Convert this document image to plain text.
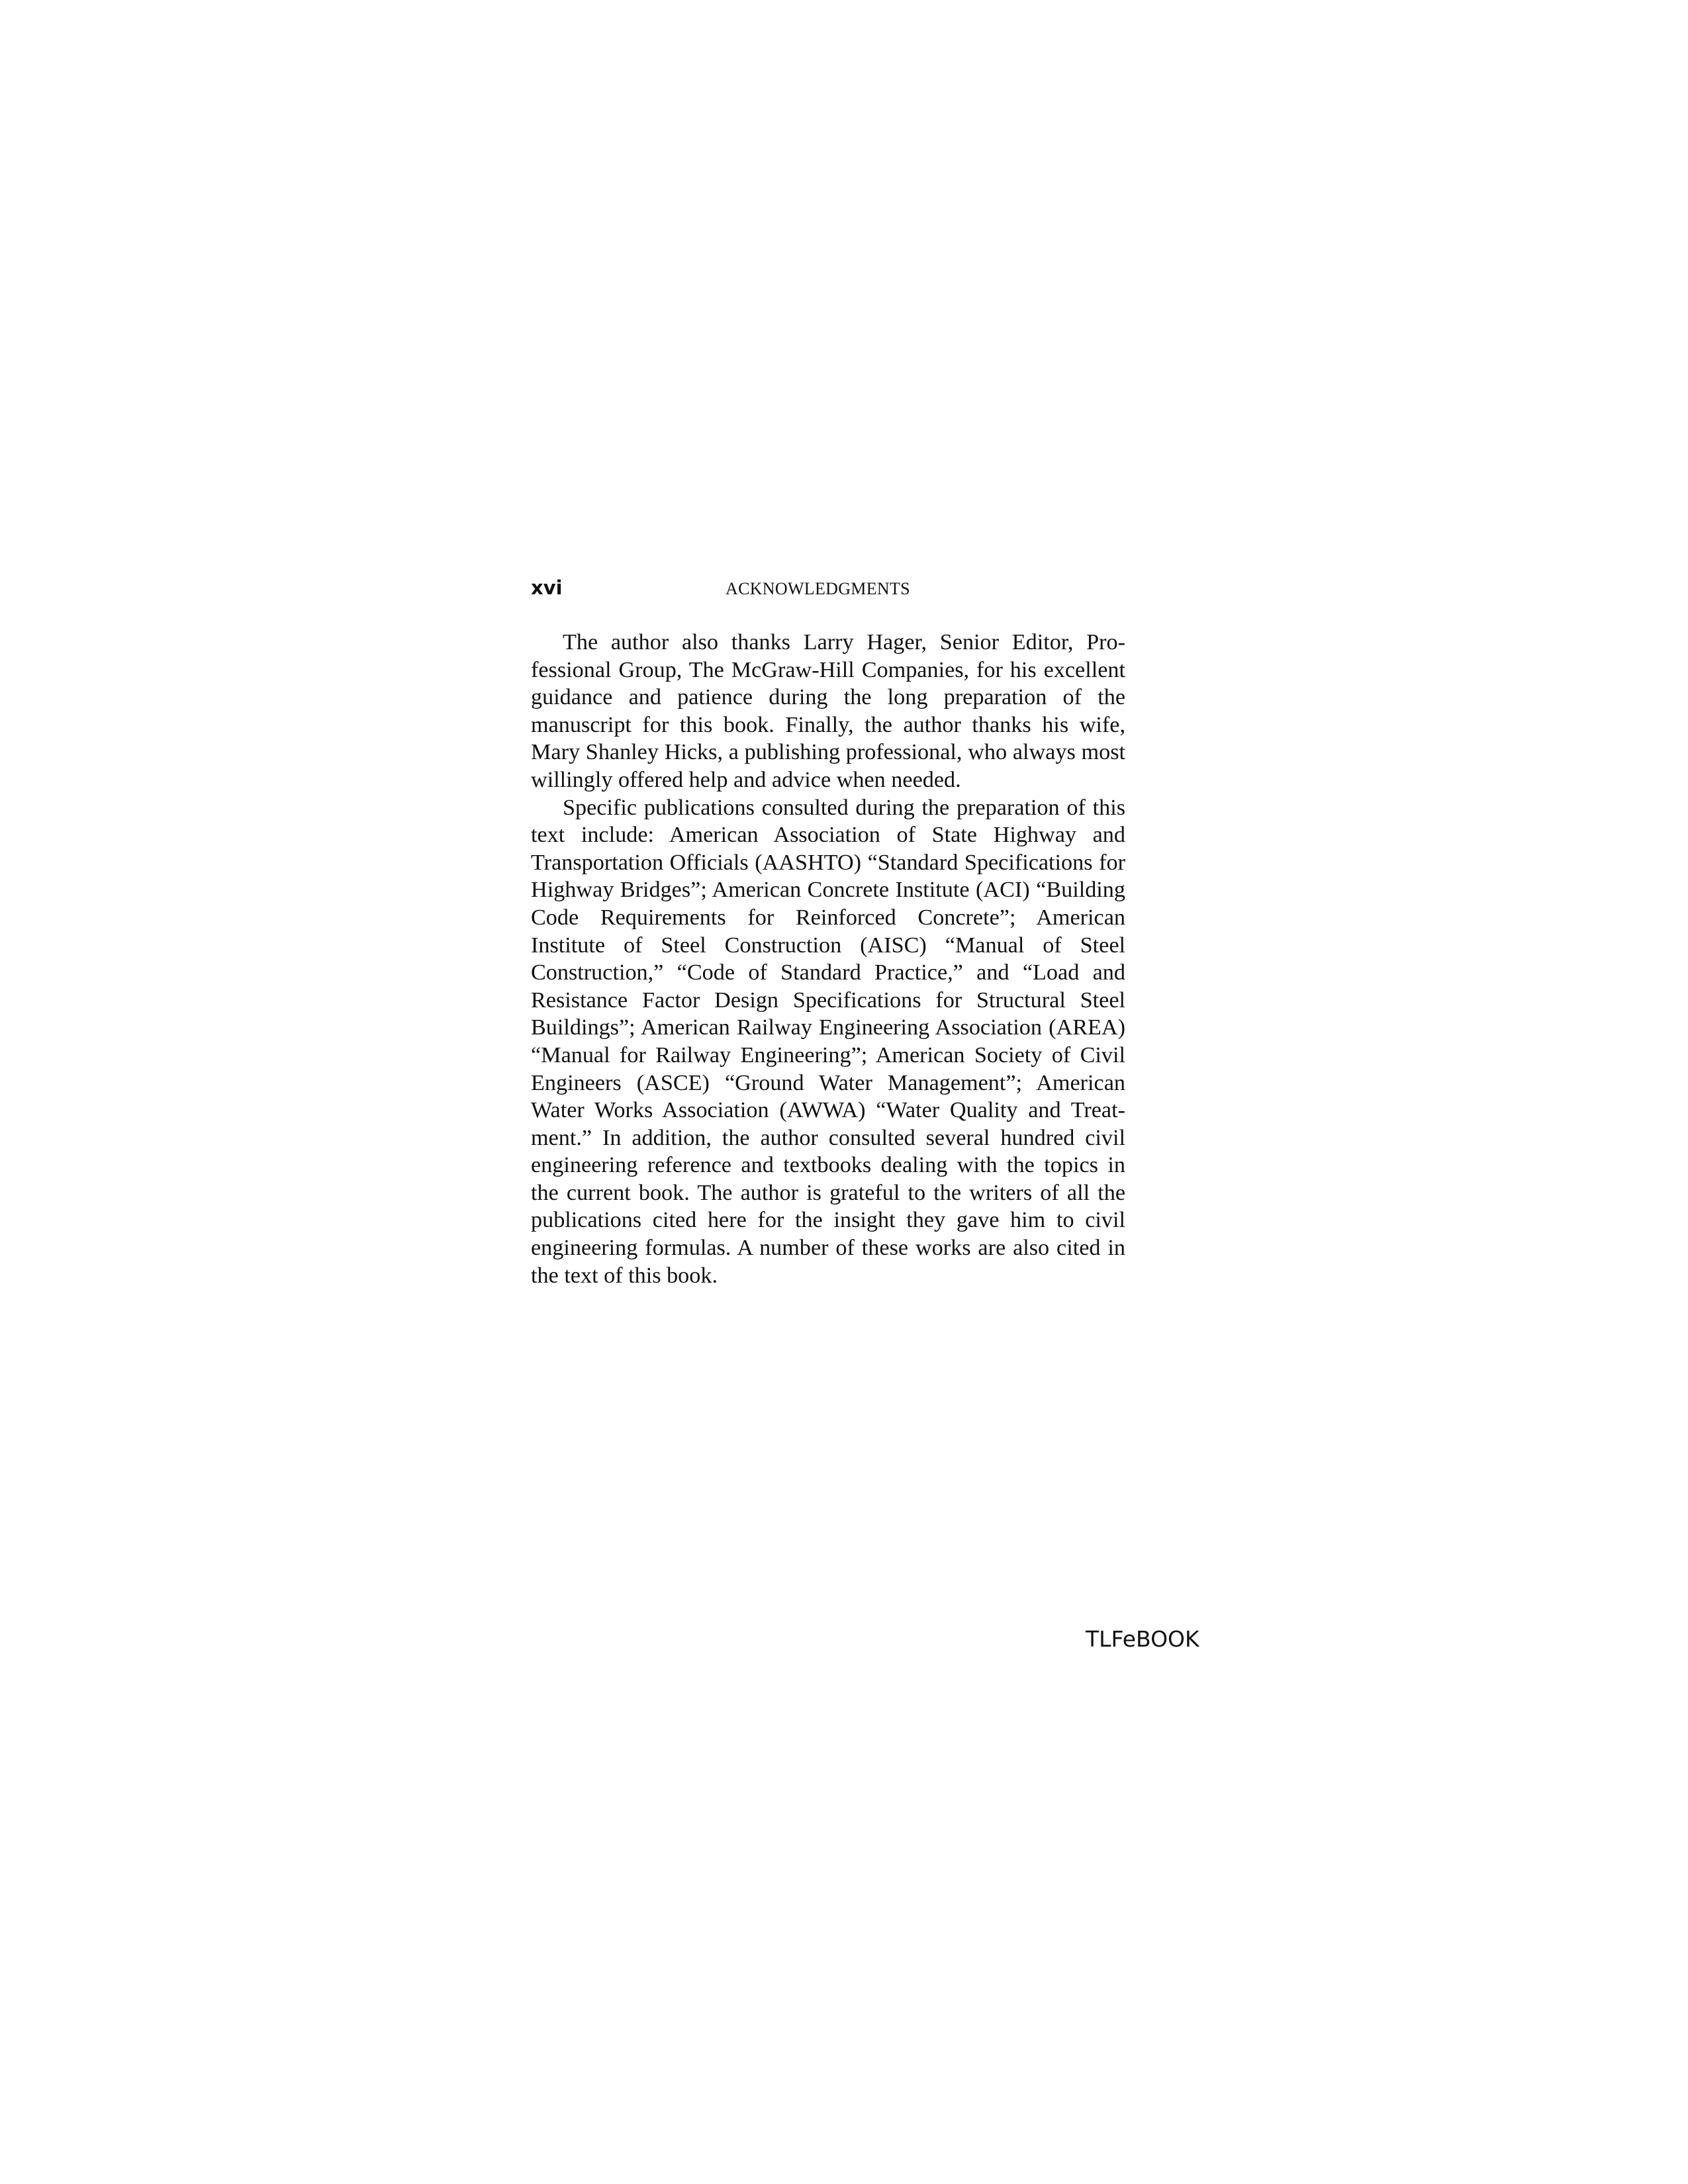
xvi	ACKNOWLEDGMENTS

The author also thanks Larry Hager, Senior Editor, Professional Group, The McGraw-Hill Companies, for his excellent guidance and patience during the long preparation of the manuscript for this book. Finally, the author thanks his wife, Mary Shanley Hicks, a publishing professional, who always most willingly offered help and advice when needed.

Specific publications consulted during the preparation of this text include: American Association of State Highway and Transportation Officials (AASHTO) “Standard Specifications for Highway Bridges”; American Concrete Institute (ACI) “Building Code Requirements for Reinforced Concrete”; American Institute of Steel Construction (AISC) “Manual of Steel Construction,” “Code of Standard Practice,” and “Load and Resistance Factor Design Specifications for Structural Steel Buildings”; American Railway Engineering Association (AREA) “Manual for Railway Engineering”; American Society of Civil Engineers (ASCE) “Ground Water Management”; American Water Works Association (AWWA) “Water Quality and Treatment.” In addition, the author consulted several hundred civil engineering reference and textbooks dealing with the topics in the current book. The author is grateful to the writers of all the publications cited here for the insight they gave him to civil engineering formulas. A number of these works are also cited in the text of this book.

TLFeBOOK
